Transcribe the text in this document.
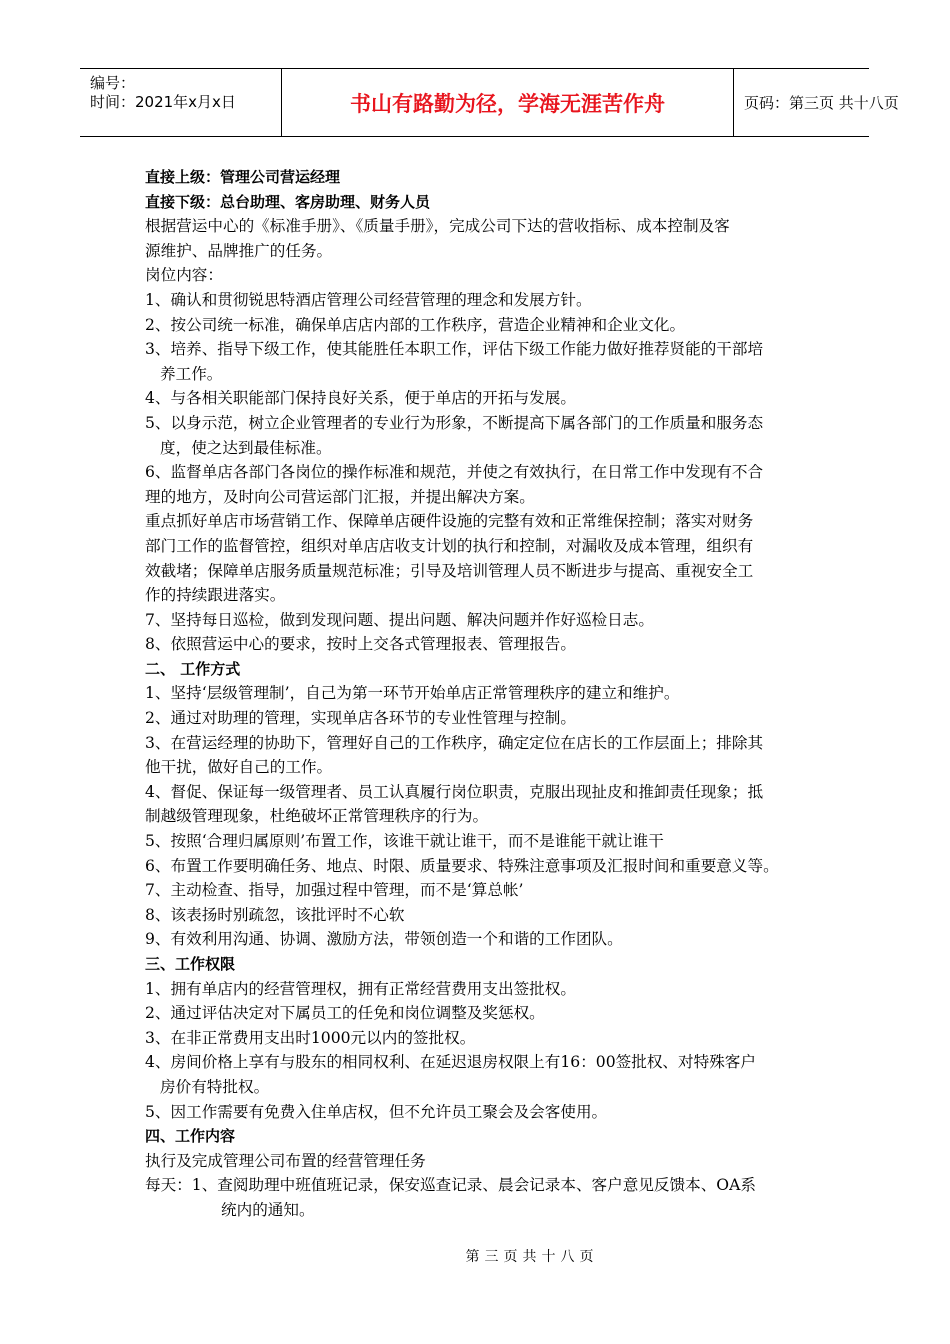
编号：
时间：2021年x月x日	书山有路勤为径，学海无涯苦作舟	页码：第三页 共十八页
直接上级：管理公司营运经理
直接下级：总台助理、客房助理、财务人员
根据营运中心的《标准手册》、《质量手册》，完成公司下达的营收指标、成本控制及客
源维护、品牌推广的任务。
岗位内容：
1、确认和贯彻锐思特酒店管理公司经营管理的理念和发展方针。
2、按公司统一标准，确保单店店内部的工作秩序，营造企业精神和企业文化。
3、培养、指导下级工作，使其能胜任本职工作，评估下级工作能力做好推荐贤能的干部培
养工作。
4、与各相关职能部门保持良好关系，便于单店的开拓与发展。
5、以身示范，树立企业管理者的专业行为形象，不断提高下属各部门的工作质量和服务态
度，使之达到最佳标准。
6、监督单店各部门各岗位的操作标准和规范，并使之有效执行，在日常工作中发现有不合
理的地方，及时向公司营运部门汇报，并提出解决方案。
重点抓好单店市场营销工作、保障单店硬件设施的完整有效和正常维保控制；落实对财务
部门工作的监督管控，组织对单店店收支计划的执行和控制，对漏收及成本管理，组织有
效截堵；保障单店服务质量规范标准；引导及培训管理人员不断进步与提高、重视安全工
作的持续跟进落实。
7、坚持每日巡检，做到发现问题、提出问题、解决问题并作好巡检日志。
8、依照营运中心的要求，按时上交各式管理报表、管理报告。
二、 工作方式
1、坚持‘层级管理制’，自己为第一环节开始单店正常管理秩序的建立和维护。
2、通过对助理的管理，实现单店各环节的专业性管理与控制。
3、在营运经理的协助下，管理好自己的工作秩序，确定定位在店长的工作层面上；排除其
他干扰，做好自己的工作。
4、督促、保证每一级管理者、员工认真履行岗位职责，克服出现扯皮和推卸责任现象；抵
制越级管理现象，杜绝破坏正常管理秩序的行为。
5、按照‘合理归属原则’布置工作，该谁干就让谁干，而不是谁能干就让谁干
6、布置工作要明确任务、地点、时限、质量要求、特殊注意事项及汇报时间和重要意义等。
7、主动检查、指导，加强过程中管理，而不是‘算总帐’
8、该表扬时别疏忽，该批评时不心软
9、有效利用沟通、协调、激励方法，带领创造一个和谐的工作团队。
三、工作权限
1、拥有单店内的经营管理权，拥有正常经营费用支出签批权。
2、通过评估决定对下属员工的任免和岗位调整及奖惩权。
3、在非正常费用支出时1000元以内的签批权。
4、房间价格上享有与股东的相同权利、在延迟退房权限上有16：00签批权、对特殊客户
房价有特批权。
5、因工作需要有免费入住单店权，但不允许员工聚会及会客使用。
四、工作内容
执行及完成管理公司布置的经营管理任务
每天：1、查阅助理中班值班记录，保安巡查记录、晨会记录本、客户意见反馈本、OA系
统内的通知。
第三页共十八页
